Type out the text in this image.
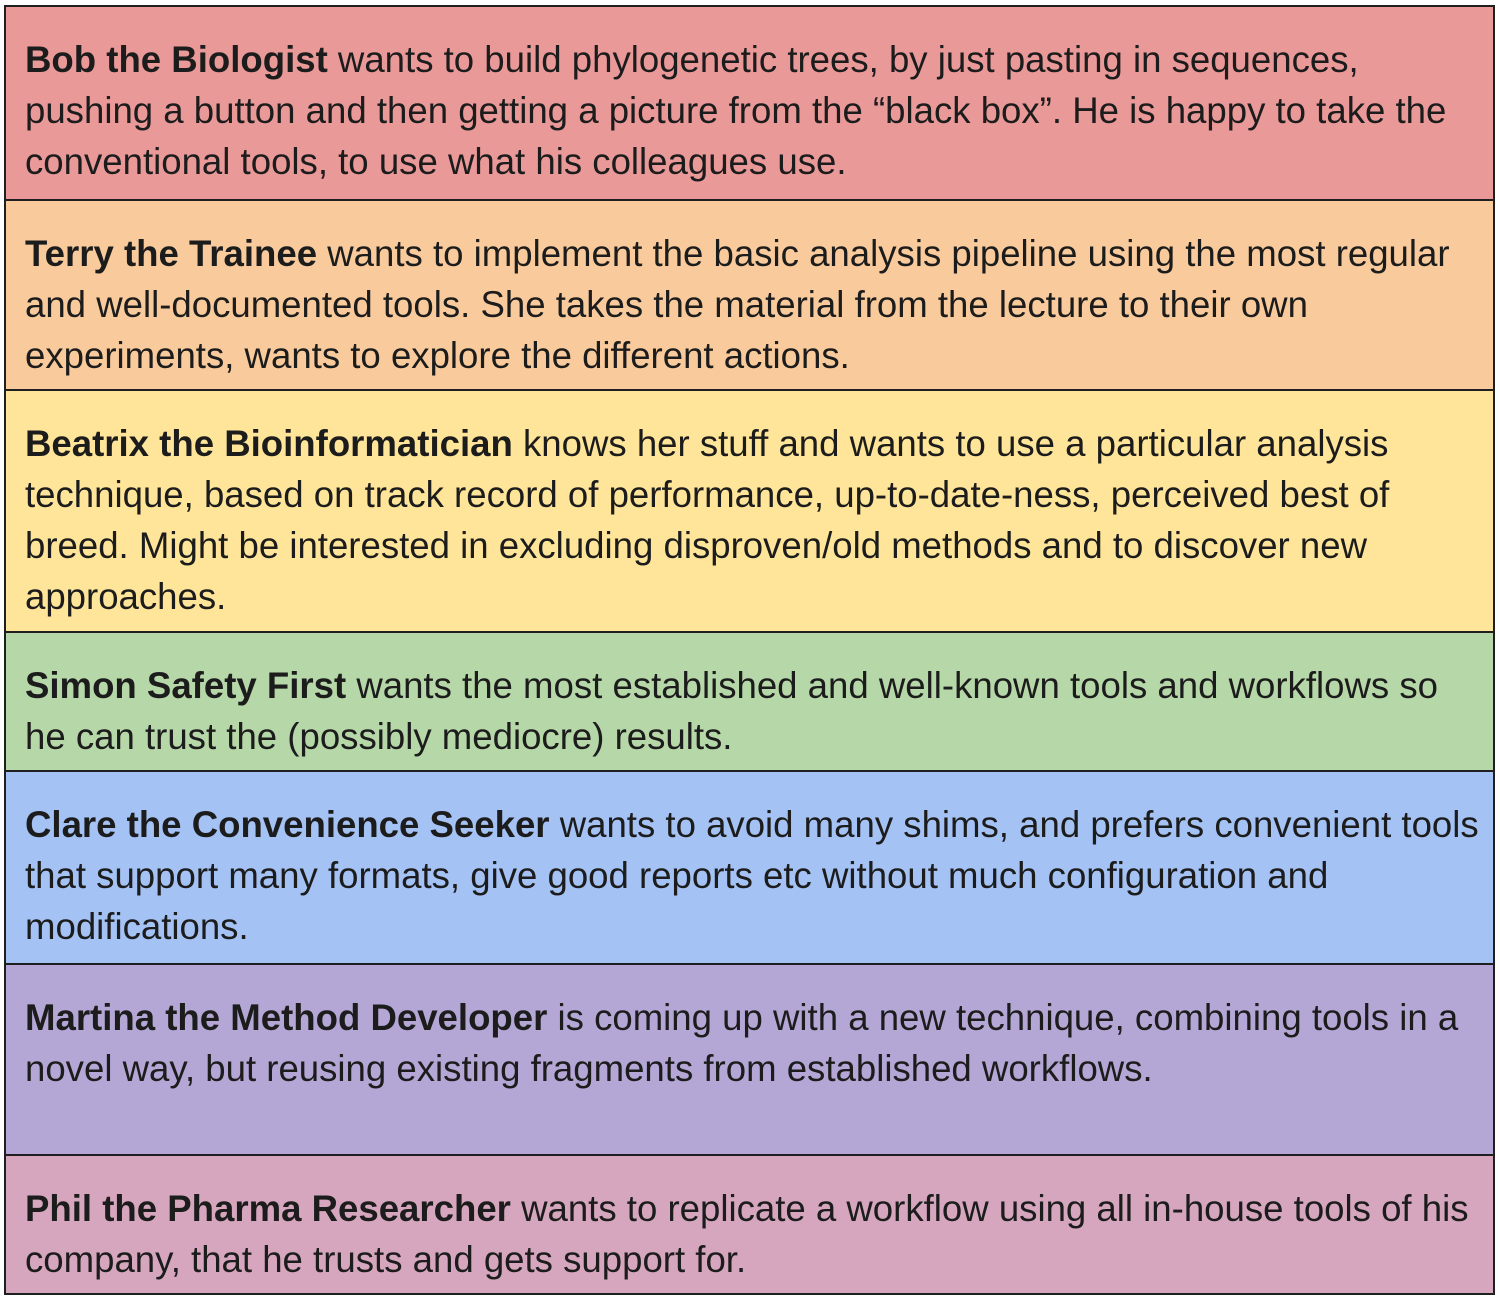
Bob the Biologist wants to build phylogenetic trees, by just pasting in sequences, pushing a button and then getting a picture from the “black box”. He is happy to take the conventional tools, to use what his colleagues use.
Terry the Trainee wants to implement the basic analysis pipeline using the most regular and well-documented tools. She takes the material from the lecture to their own experiments, wants to explore the different actions.
Beatrix the Bioinformatician knows her stuff and wants to use a particular analysis technique, based on track record of performance, up-to-date-ness, perceived best of breed. Might be interested in excluding disproven/old methods and to discover new approaches.
Simon Safety First wants the most established and well-known tools and workflows so he can trust the (possibly mediocre) results.
Clare the Convenience Seeker wants to avoid many shims, and prefers convenient tools that support many formats, give good reports etc without much configuration and modifications.
Martina the Method Developer is coming up with a new technique, combining tools in a novel way, but reusing existing fragments from established workflows.
Phil the Pharma Researcher wants to replicate a workflow using all in-house tools of his company, that he trusts and gets support for.
